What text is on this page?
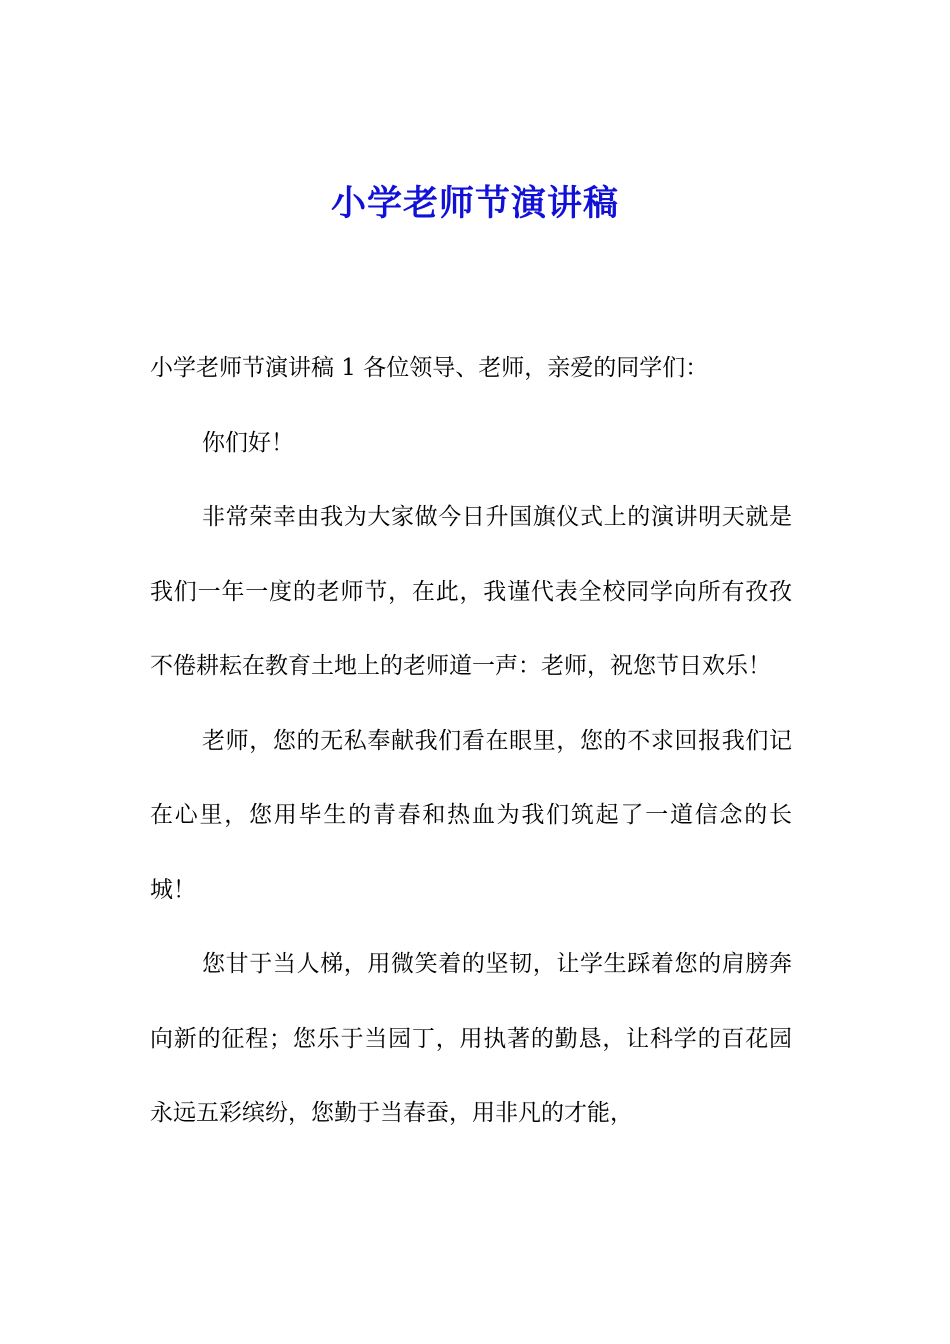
小学老师节演讲稿

小学老师节演讲稿 1 各位领导、老师，亲爱的同学们：

你们好！

非常荣幸由我为大家做今日升国旗仪式上的演讲明天就是我们一年一度的老师节，在此，我谨代表全校同学向所有孜孜不倦耕耘在教育土地上的老师道一声：老师，祝您节日欢乐！

老师，您的无私奉献我们看在眼里，您的不求回报我们记在心里，您用毕生的青春和热血为我们筑起了一道信念的长城！

您甘于当人梯，用微笑着的坚韧，让学生踩着您的肩膀奔向新的征程；您乐于当园丁，用执著的勤恳，让科学的百花园永远五彩缤纷，您勤于当春蚕，用非凡的才能，
